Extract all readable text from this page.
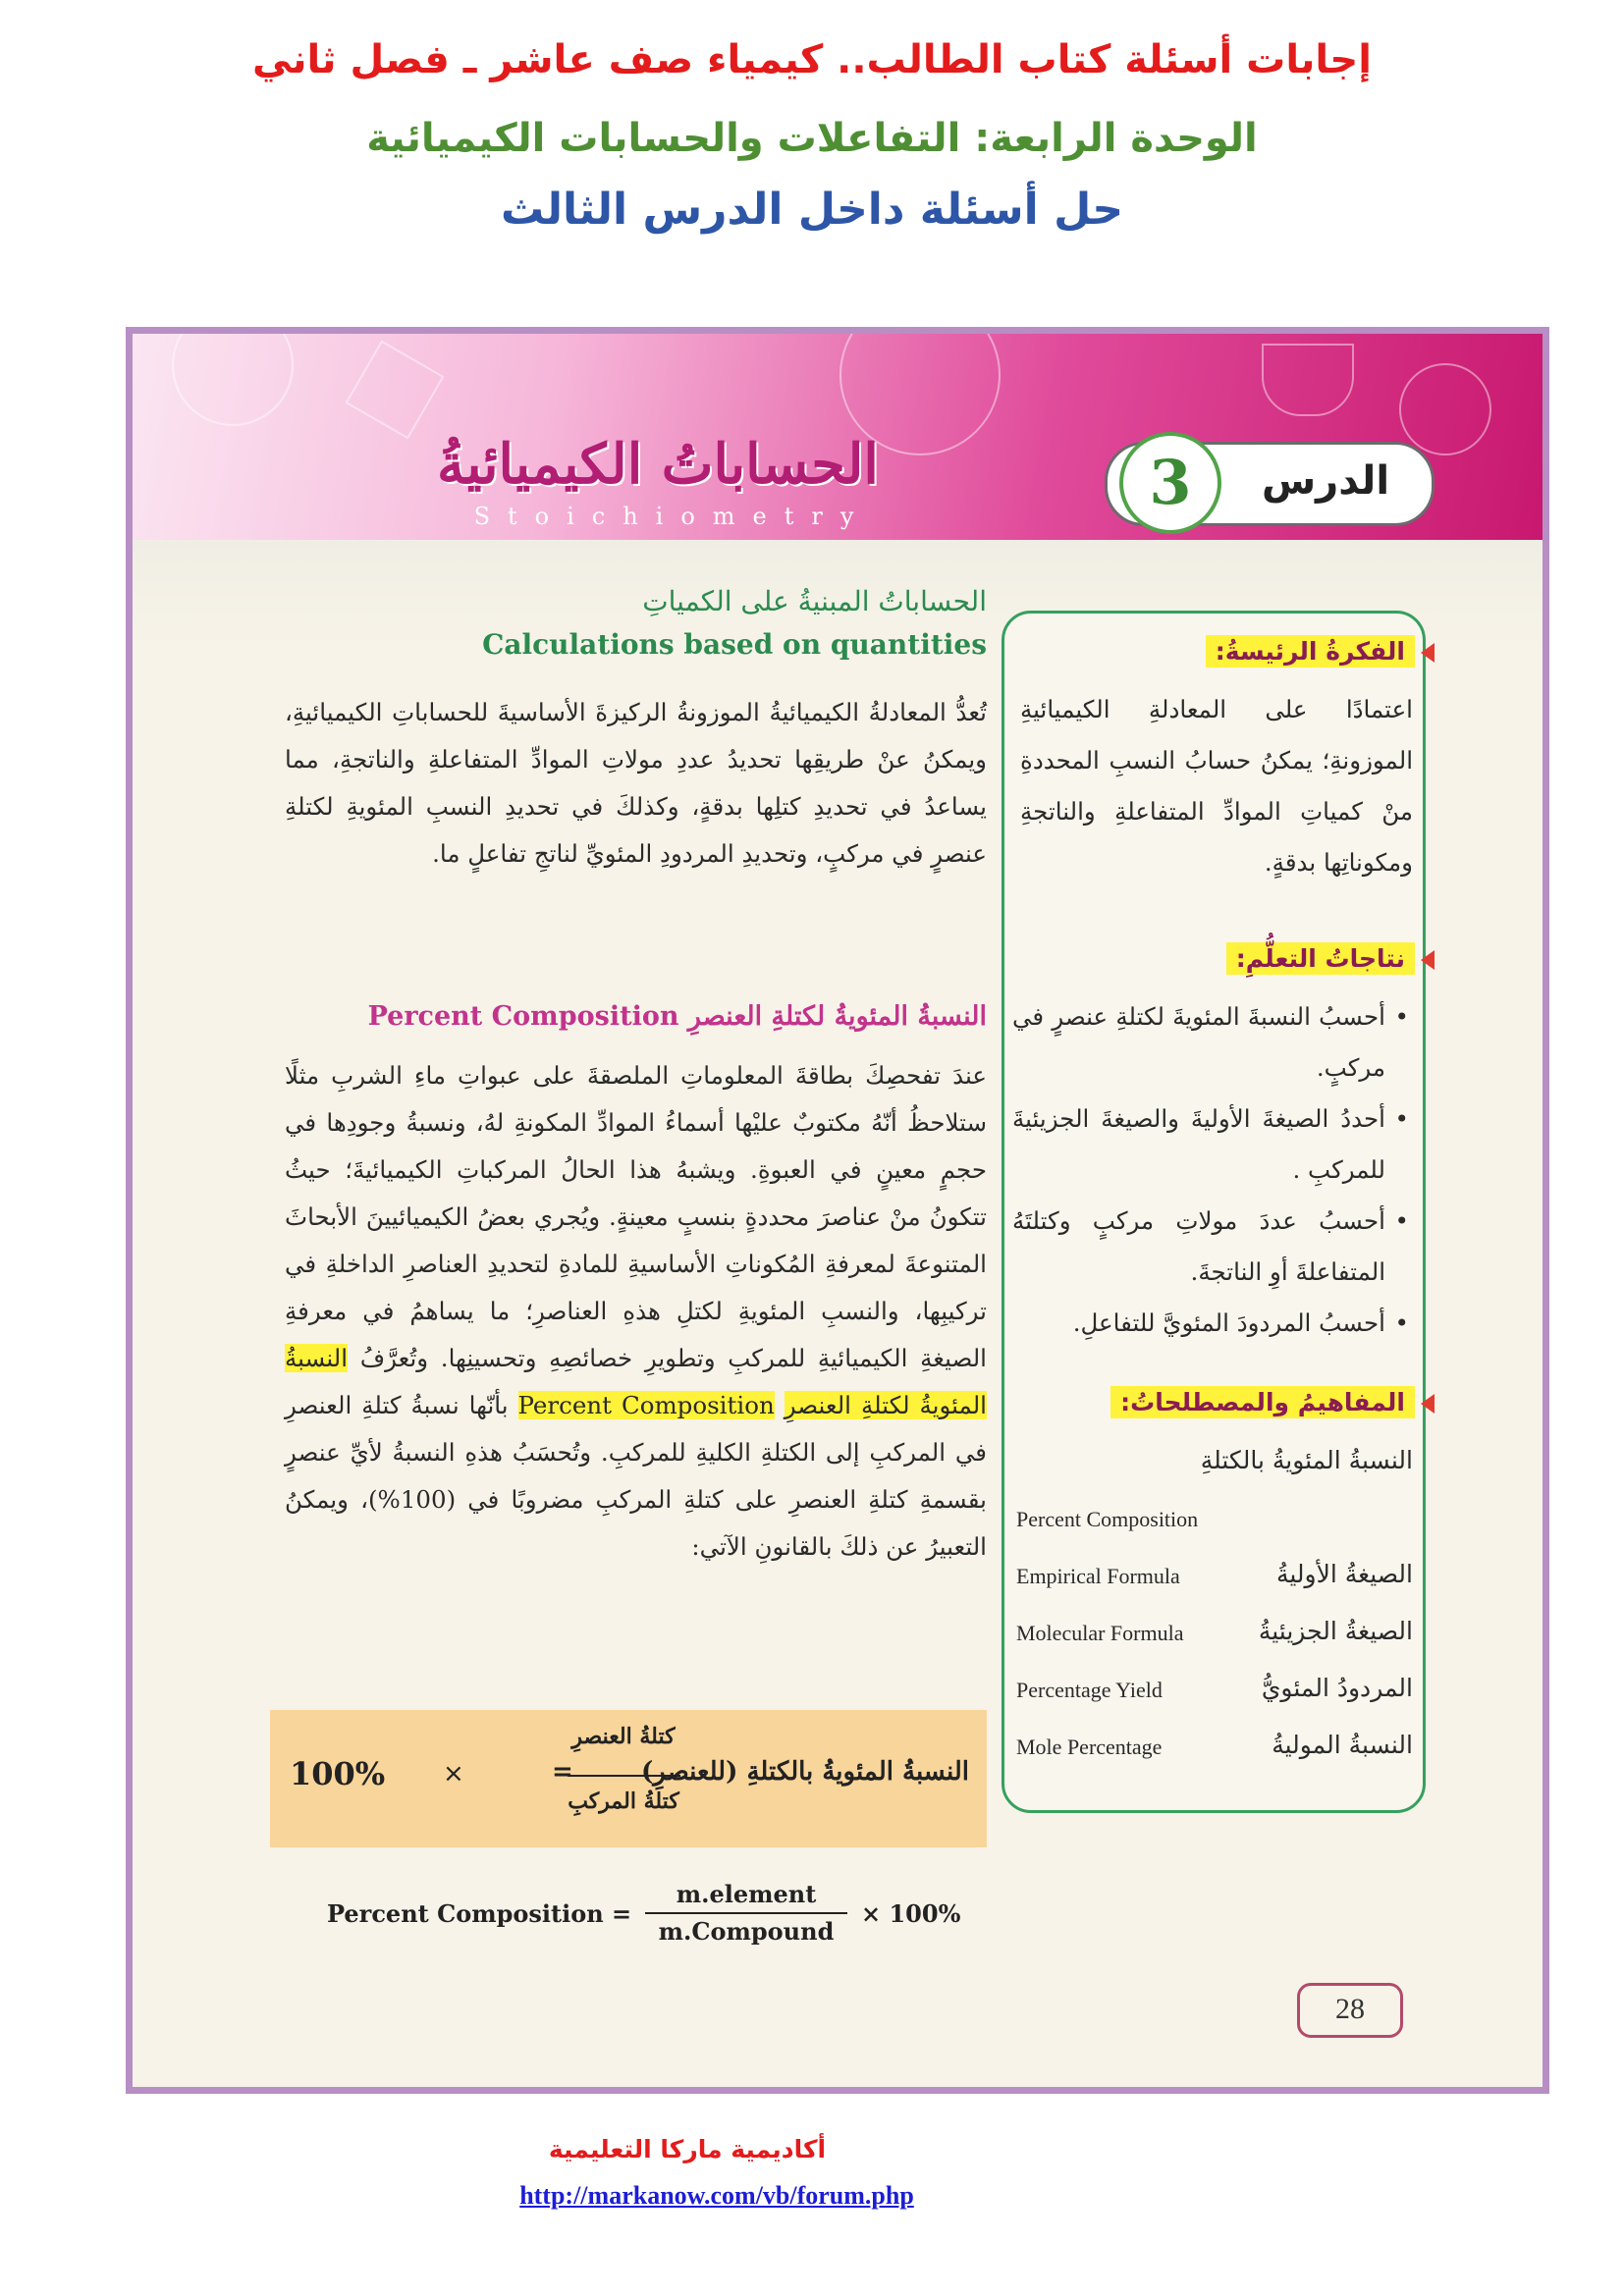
إجابات أسئلة كتاب الطالب.. كيمياء صف عاشر ـ فصل ثاني
الوحدة الرابعة: التفاعلات والحسابات الكيميائية
حل أسئلة داخل الدرس الثالث
الحساباتُ الكيميائيةُ
Stoichiometry	3	الدرس
الحساباتُ المبنيةُ على الكمياتِ
Calculations based on quantities
تُعدُّ المعادلةُ الكيميائيةُ الموزونةُ الركيزةَ الأساسيةَ للحساباتِ الكيميائيةِ، ويمكنُ عنْ طريقِها تحديدُ عددِ مولاتِ الموادِّ المتفاعلةِ والناتجةِ، مما يساعدُ في تحديدِ كتلِها بدقةٍ، وكذلكَ في تحديدِ النسبِ المئويةِ لكتلةِ عنصرٍ في مركبٍ، وتحديدِ المردودِ المئويِّ لناتجِ تفاعلٍ ما.
النسبةُ المئويةُ لكتلةِ العنصرِ Percent Composition
عندَ تفحصِكَ بطاقةَ المعلوماتِ الملصقةَ على عبواتِ ماءِ الشربِ مثلًا ستلاحظُ أنّهُ مكتوبٌ عليْها أسماءُ الموادِّ المكونةِ لهُ، ونسبةُ وجودِها في حجمٍ معينٍ في العبوةِ. ويشبهُ هذا الحالُ المركباتِ الكيميائيةَ؛ حيثُ تتكونُ منْ عناصرَ محددةٍ بنسبٍ معينةٍ. ويُجري بعضُ الكيميائيينَ الأبحاثَ المتنوعةَ لمعرفةِ المُكوناتِ الأساسيةِ للمادةِ لتحديدِ العناصرِ الداخلةِ في تركيبِها، والنسبِ المئويةِ لكتلِ هذهِ العناصرِ؛ ما يساهمُ في معرفةِ الصيغةِ الكيميائيةِ للمركبِ وتطويرِ خصائصِهِ وتحسينِها. وتُعرَّفُ النسبةُ المئويةُ لكتلةِ العنصرِ Percent Composition بأنّها نسبةُ كتلةِ العنصرِ في المركبِ إلى الكتلةِ الكليةِ للمركبِ. وتُحسَبُ هذهِ النسبةُ لأيِّ عنصرٍ بقسمةِ كتلةِ العنصرِ على كتلةِ المركبِ مضروبًا في (100%)، ويمكنُ التعبيرُ عن ذلكَ بالقانونِ الآتي:
النسبةُ المئويةُ بالكتلةِ (للعنصرِ)
=
كتلةُ العنصرِ
كتلةُ المركبِ
×
100%
Percent Composition =
m.element
m.Compound
× 100%
الفكرةُ الرئيسةُ:
اعتمادًا على المعادلةِ الكيميائيةِ الموزونةِ؛ يمكنُ حسابُ النسبِ المحددةِ منْ كمياتِ الموادِّ المتفاعلةِ والناتجةِ ومكوناتِها بدقةٍ.
نتاجاتُ التعلُّمِ:
• أحسبُ النسبةَ المئويةَ لكتلةِ عنصرٍ في مركبٍ.
• أحددُ الصيغةَ الأوليةَ والصيغةَ الجزيئيةَ للمركبِ .
• أحسبُ عددَ مولاتِ مركبٍ وكتلتَهُ المتفاعلةَ أوِ الناتجةَ.
• أحسبُ المردودَ المئويَّ للتفاعلِ.
المفاهيمُ والمصطلحاتُ:
النسبةُ المئويةُ بالكتلةِ
Percent Composition
الصيغةُ الأوليةُ
Empirical Formula
الصيغةُ الجزيئيةُ
Molecular Formula
المردودُ المئويُّ
Percentage Yield
النسبةُ الموليةُ
Mole Percentage
28
أكاديمية ماركا التعليمية
http://markanow.com/vb/forum.php
